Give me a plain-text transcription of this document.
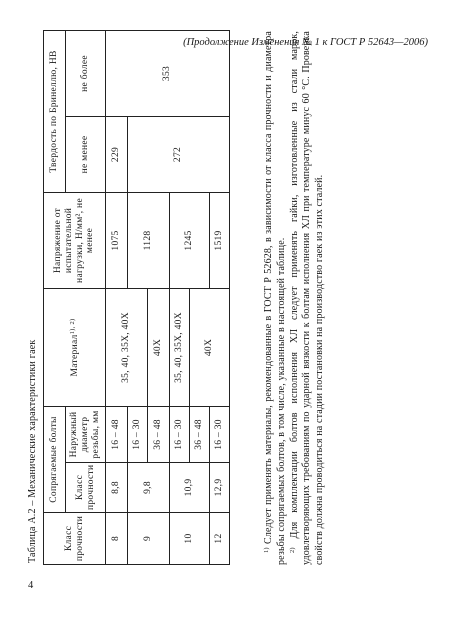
(Продолжение Изменения № 1 к ГОСТ Р 52643—2006)
Таблица А.2 – Механические характеристики гаек	Класс прочности	Сопрягаемые болты		Материал$^{1), 2)}$	Напряжение от испытательной нагрузки, Н/мм², не менее	Твердость по Бринеллю, НВ	
	Класс прочности	Наружный диаметр резьбы, мм			не менее	не более
8	8,8	16 – 48	35, 40, 35Х, 40Х	1075	229	353
9	9,8	16 – 30		1128	272	
		36 – 48	40Х			
10	10,9	16 – 30	35, 40, 35Х, 40Х	1245		
		36 – 48	40Х			
12	12,9	16 – 30		1519		

$^{1)}$ Следует применять материалы, рекомендованные в ГОСТ Р 52628, в зависимости от класса прочности и диаметра резьбы сопрягаемых болтов, в том числе, указанные в настоящей таблице. $^{2)}$ Для комплектации болтов исполнения ХЛ следует применять гайки, изготовленные из стали марок, удовлетворяющих требованиям по ударной вязкости к болтам исполнения ХЛ при температуре минус 60 °С. Проверка свойств должна проводиться на стадии постановки на производство гаек из этих сталей.

4
